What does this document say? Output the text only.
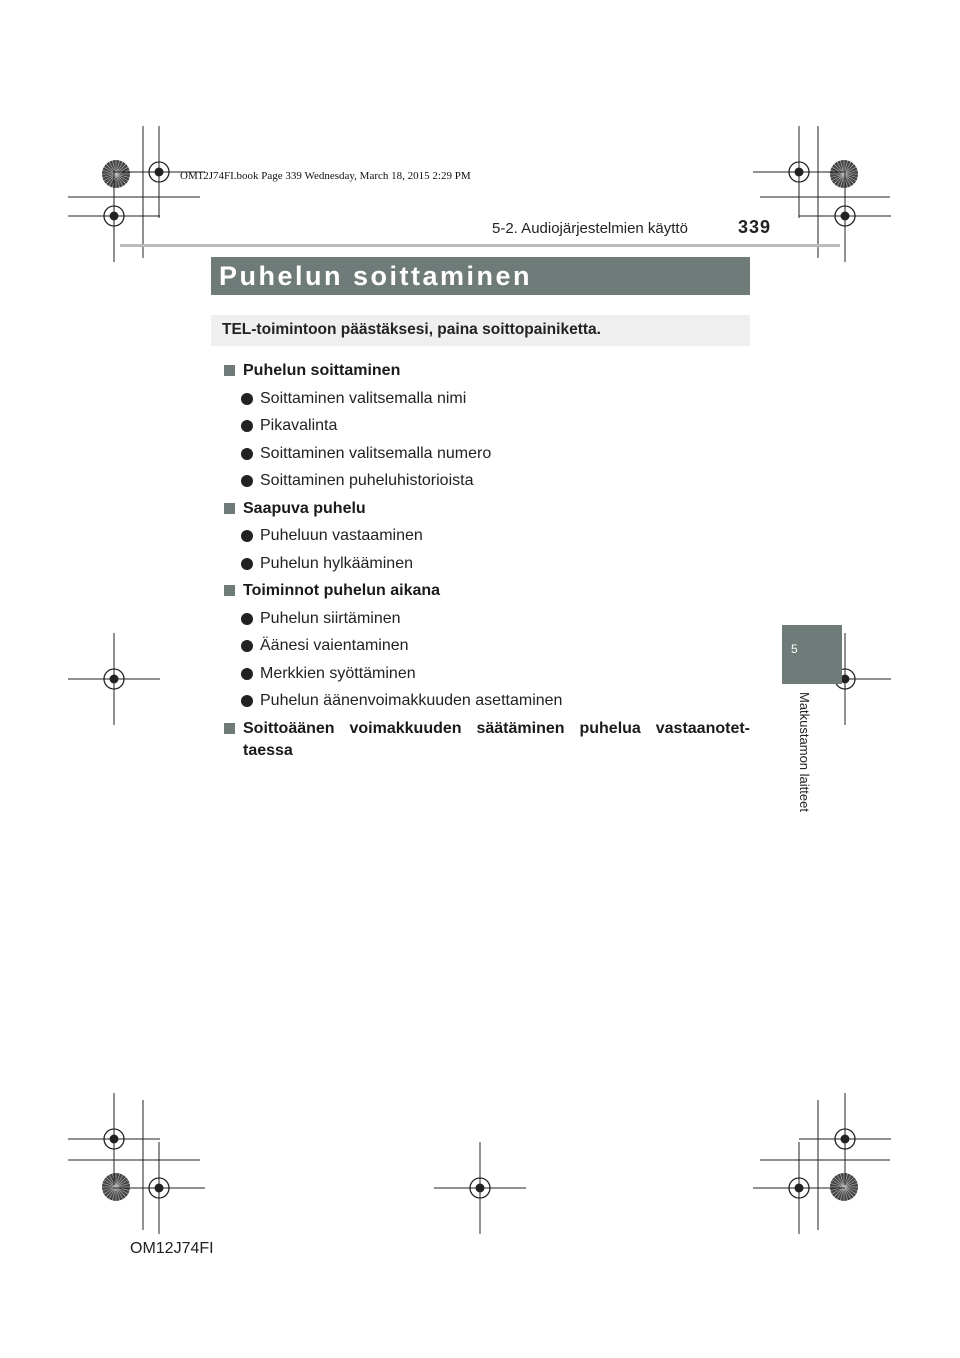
OM12J74FI.book Page 339 Wednesday, March 18, 2015 2:29 PM
5-2. Audiojärjestelmien käyttö	339
Puhelun soittaminen
TEL-toimintoon päästäksesi, paina soittopainiketta.
Puhelun soittaminen
Soittaminen valitsemalla nimi
Pikavalinta
Soittaminen valitsemalla numero
Soittaminen puheluhistorioista
Saapuva puhelu
Puheluun vastaaminen
Puhelun hylkääminen
Toiminnot puhelun aikana
Puhelun siirtäminen
Äänesi vaientaminen
Merkkien syöttäminen
Puhelun äänenvoimakkuuden asettaminen
Soittoäänen voimakkuuden säätäminen puhelua vastaanotet-taessa
5
Matkustamon laitteet
OM12J74FI
